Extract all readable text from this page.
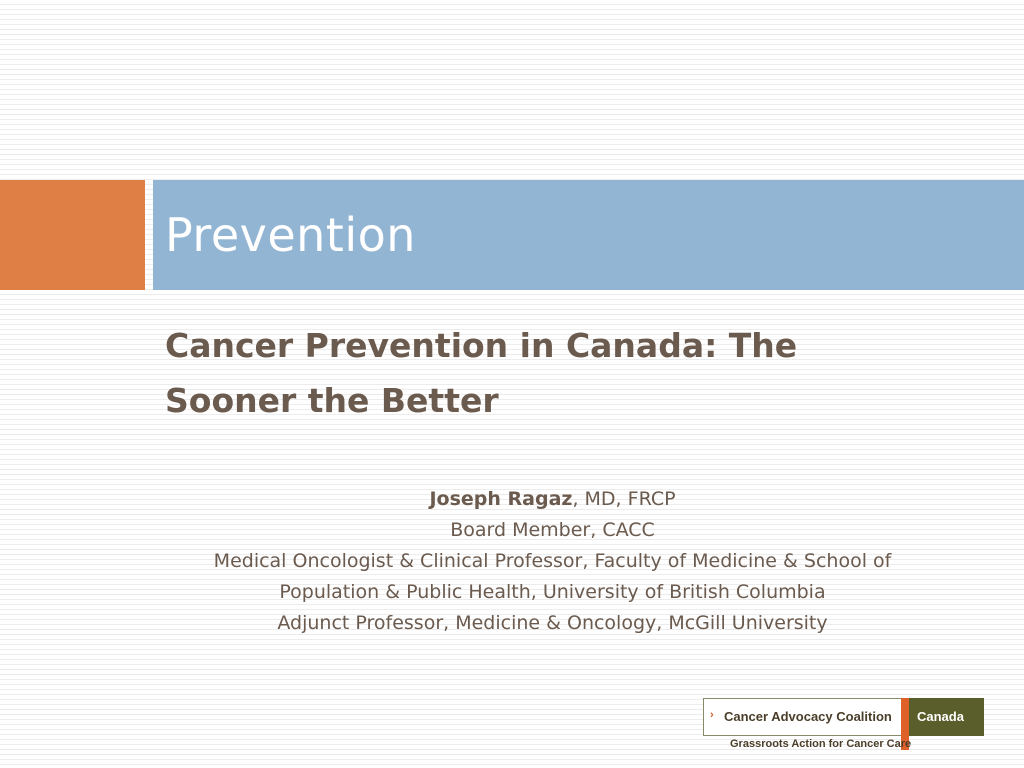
Prevention
Cancer Prevention in Canada: The
Sooner the Better
Joseph Ragaz, MD, FRCP
Board Member, CACC
Medical Oncologist & Clinical Professor, Faculty of Medicine & School of
Population & Public Health, University of British Columbia
Adjunct Professor, Medicine & Oncology, McGill University
› Cancer Advocacy Coalition	Canada
Grassroots Action for Cancer Care
